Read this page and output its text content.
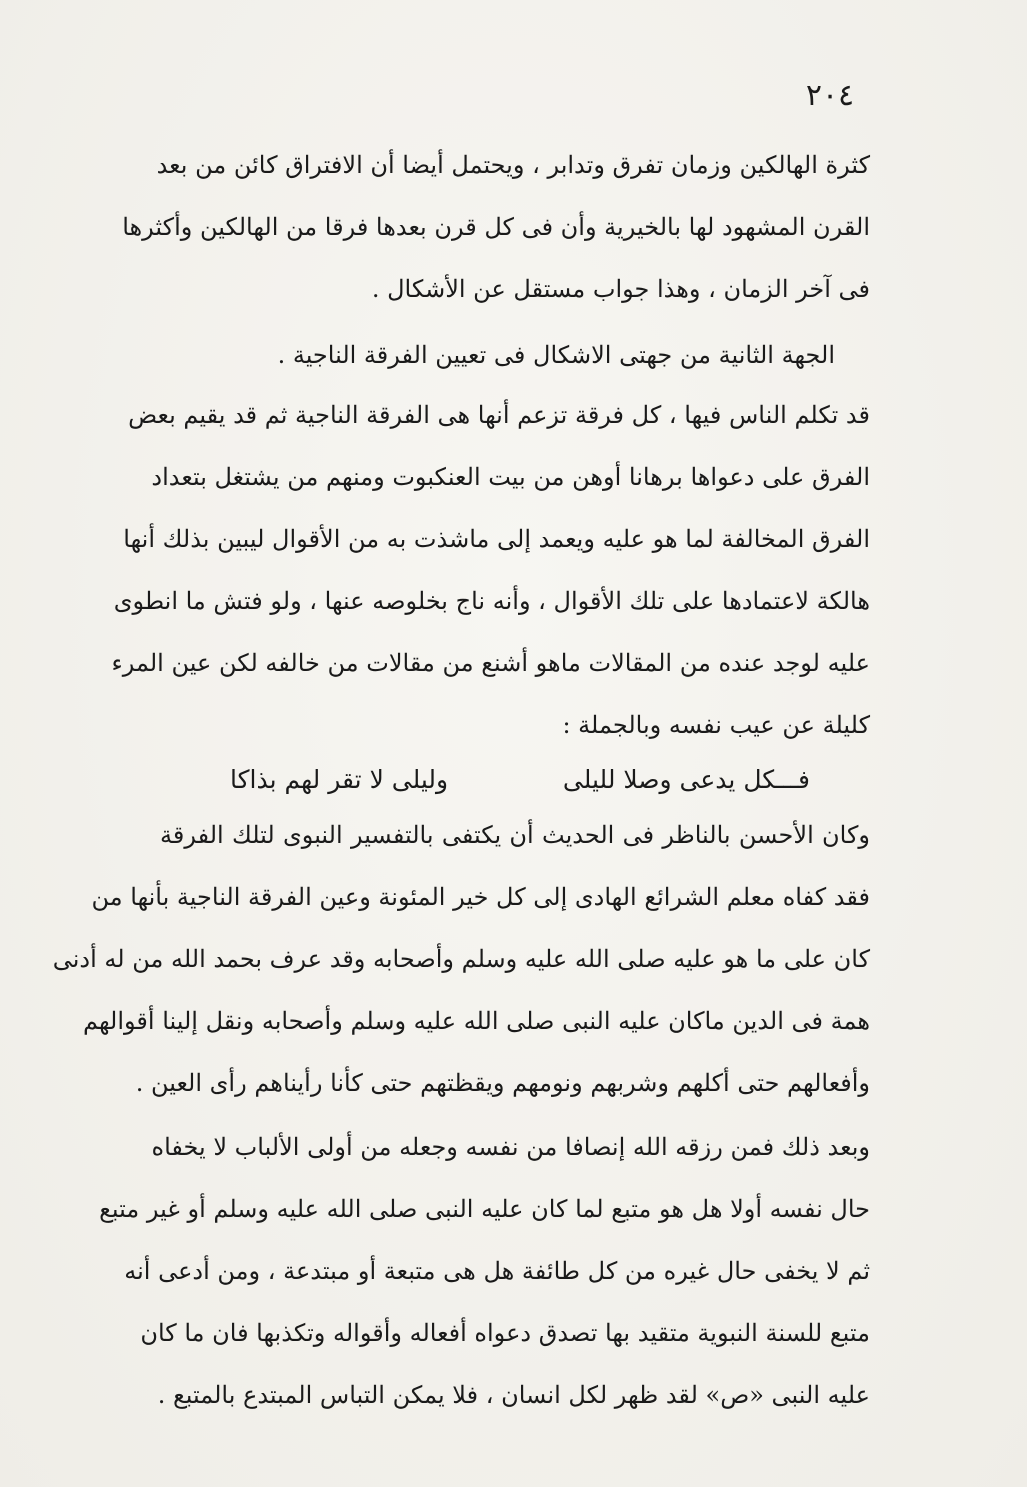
٢٠٤
كثرة الهالكين وزمان تفرق وتدابر ، ويحتمل أيضا أن الافتراق كائن من بعد
القرن المشهود لها بالخيرية وأن فى كل قرن بعدها فرقا من الهالكين وأكثرها
فى آخر الزمان ، وهذا جواب مستقل عن الأشكال .
الجهة الثانية من جهتى الاشكال فى تعيين الفرقة الناجية .
قد تكلم الناس فيها ، كل فرقة تزعم أنها هى الفرقة الناجية ثم قد يقيم بعض
الفرق على دعواها برهانا أوهن من بيت العنكبوت ومنهم من يشتغل بتعداد
الفرق المخالفة لما هو عليه ويعمد إلى ماشذت به من الأقوال ليبين بذلك أنها
هالكة لاعتمادها على تلك الأقوال ، وأنه ناج بخلوصه عنها ، ولو فتش ما انطوى
عليه لوجد عنده من المقالات ماهو أشنع من مقالات من خالفه لكن عين المرء
كليلة عن عيب نفسه وبالجملة :
فـــكل يدعى وصلا لليلى
وليلى لا تقر لهم بذاكا
وكان الأحسن بالناظر فى الحديث أن يكتفى بالتفسير النبوى لتلك الفرقة
فقد كفاه معلم الشرائع الهادى إلى كل خير المئونة وعين الفرقة الناجية بأنها من
كان على ما هو عليه صلى الله عليه وسلم وأصحابه وقد عرف بحمد الله من له أدنى
همة فى الدين ماكان عليه النبى صلى الله عليه وسلم وأصحابه ونقل إلينا أقوالهم
وأفعالهم حتى أكلهم وشربهم ونومهم ويقظتهم حتى كأنا رأيناهم رأى العين .
وبعد ذلك فمن رزقه الله إنصافا من نفسه وجعله من أولى الألباب لا يخفاه
حال نفسه أولا هل هو متبع لما كان عليه النبى صلى الله عليه وسلم أو غير متبع
ثم لا يخفى حال غيره من كل طائفة هل هى متبعة أو مبتدعة ، ومن أدعى أنه
متبع للسنة النبوية متقيد بها تصدق دعواه أفعاله وأقواله وتكذبها فان ما كان
عليه النبى «ص» لقد ظهر لكل انسان ، فلا يمكن التباس المبتدع بالمتبع .
